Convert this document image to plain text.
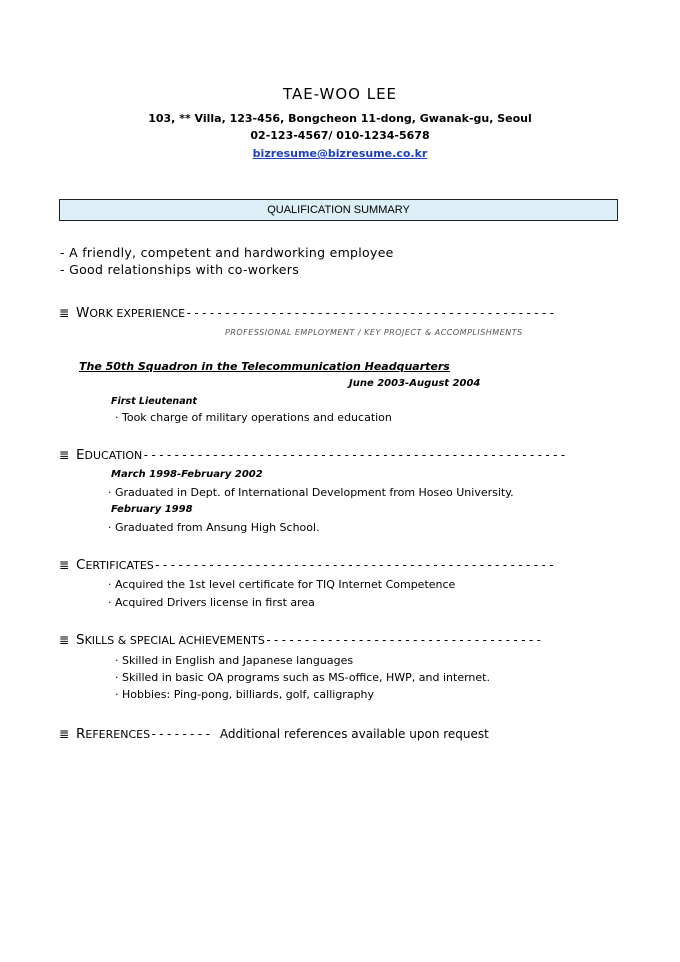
TAE-WOO LEE
103, ** Villa, 123-456, Bongcheon 11-dong, Gwanak-gu, Seoul
02-123-4567/ 010-1234-5678
bizresume@bizresume.co.kr
QUALIFICATION SUMMARY
- A friendly, competent and hardworking employee
- Good relationships with co-workers
≣ WORK EXPERIENCE------------------------------------------------
PROFESSIONAL EMPLOYMENT / KEY PROJECT & ACCOMPLISHMENTS
The 50th Squadron in the Telecommunication Headquarters
June 2003-August 2004
First Lieutenant
· Took charge of military operations and education
≣ EDUCATION-------------------------------------------------------
March 1998-February 2002
· Graduated in Dept. of International Development from Hoseo University.
February 1998
· Graduated from Ansung High School.
≣ CERTIFICATES----------------------------------------------------
· Acquired the 1st level certificate for TIQ Internet Competence
· Acquired Drivers license in first area
≣ SKILLS & SPECIAL ACHIEVEMENTS------------------------------------
· Skilled in English and Japanese languages
· Skilled in basic OA programs such as MS-office, HWP, and internet.
· Hobbies: Ping-pong, billiards, golf, calligraphy
≣ REFERENCES-------- Additional references available upon request
